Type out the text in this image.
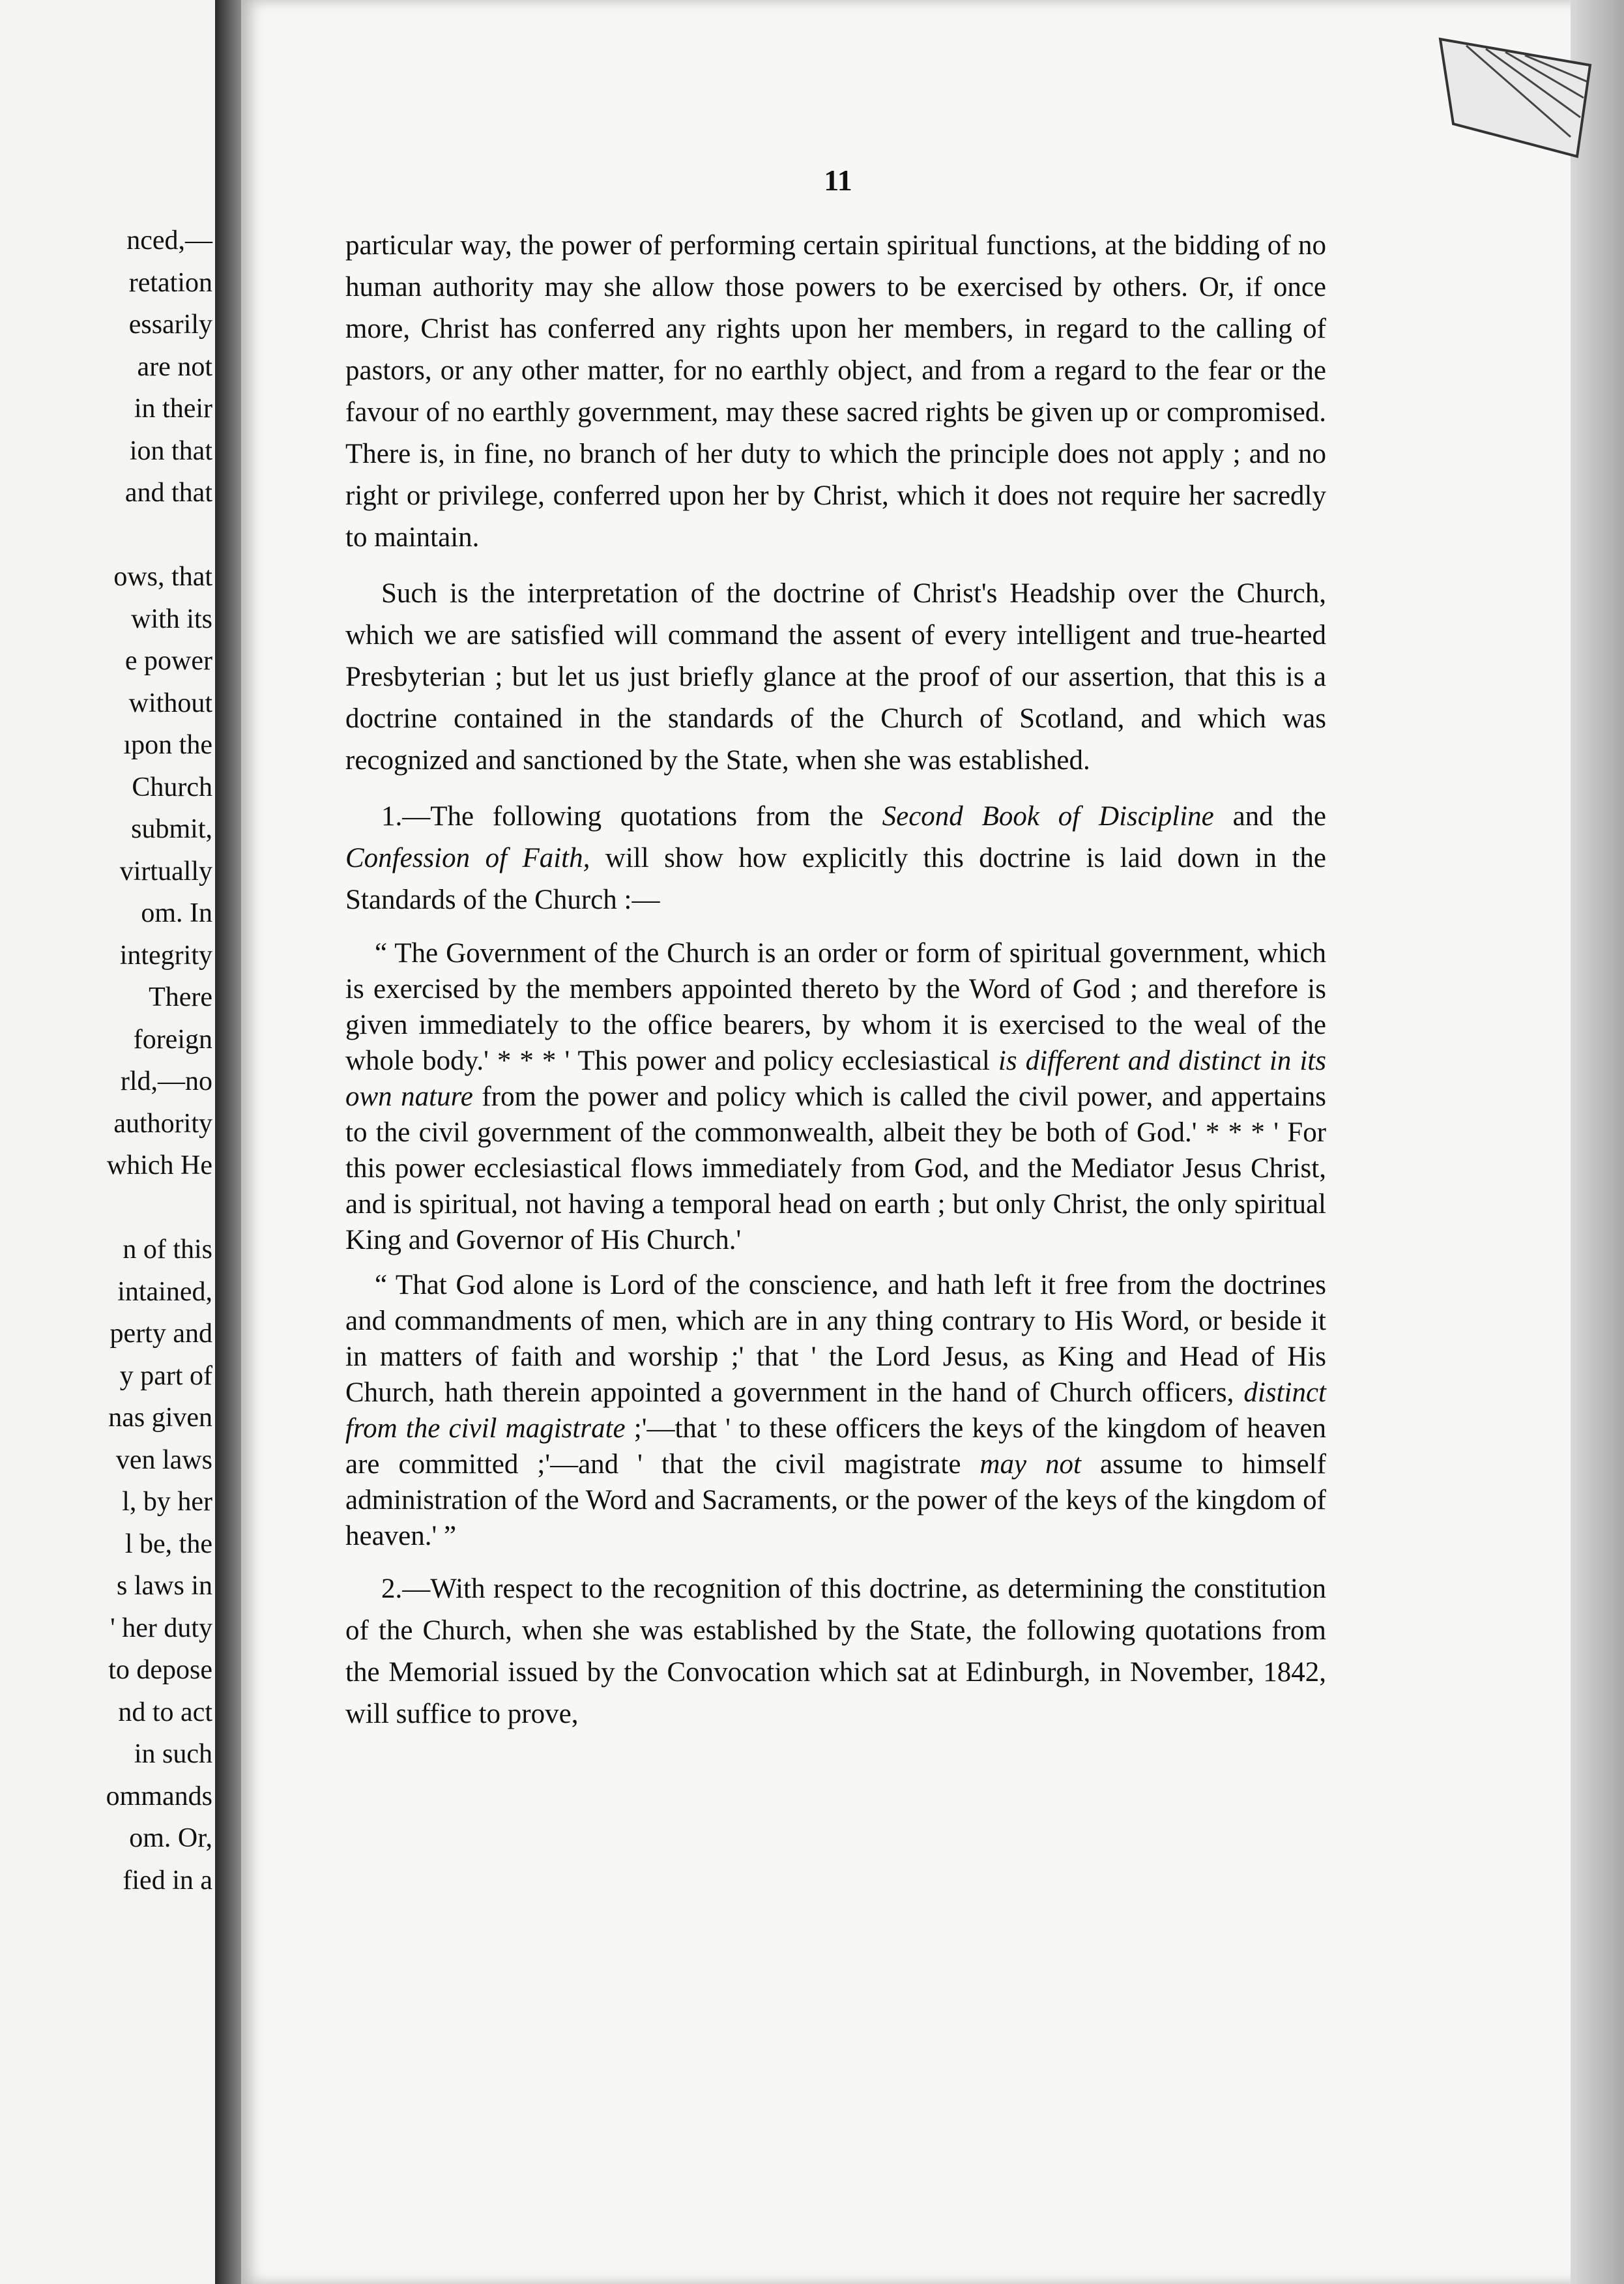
nced,—

retation

essarily

are not

in their

ion that

and that

ows, that

with its

e power

without

ıpon the

Church

submit,

virtually

om. In

integrity

There

foreign

rld,—no

authority

which He

n of this

intained,

perty and

y part of

nas given

ven laws

l, by her

l be, the

s laws in

' her duty

to depose

nd to act

in such

ommands

om. Or,

fied in a

11

particular way, the power of performing certain spiritual functions, at the bidding of no human authority may she allow those powers to be exercised by others. Or, if once more, Christ has conferred any rights upon her members, in regard to the calling of pastors, or any other matter, for no earthly object, and from a regard to the fear or the favour of no earthly government, may these sacred rights be given up or compromised. There is, in fine, no branch of her duty to which the principle does not apply ; and no right or privilege, conferred upon her by Christ, which it does not require her sacredly to maintain.

Such is the interpretation of the doctrine of Christ's Headship over the Church, which we are satisfied will command the assent of every intelligent and true-hearted Presbyterian ; but let us just briefly glance at the proof of our assertion, that this is a doctrine contained in the standards of the Church of Scotland, and which was recognized and sanctioned by the State, when she was established.

1.—The following quotations from the Second Book of Discipline and the Confession of Faith, will show how explicitly this doctrine is laid down in the Standards of the Church :—

“ The Government of the Church is an order or form of spiritual government, which is exercised by the members appointed thereto by the Word of God ; and therefore is given immediately to the office bearers, by whom it is exercised to the weal of the whole body.' * * * ' This power and policy ecclesiastical is different and distinct in its own nature from the power and policy which is called the civil power, and appertains to the civil government of the commonwealth, albeit they be both of God.' * * * ' For this power ecclesiastical flows immediately from God, and the Mediator Jesus Christ, and is spiritual, not having a temporal head on earth ; but only Christ, the only spiritual King and Governor of His Church.'

“ That God alone is Lord of the conscience, and hath left it free from the doctrines and commandments of men, which are in any thing contrary to His Word, or beside it in matters of faith and worship ;' that ' the Lord Jesus, as King and Head of His Church, hath therein appointed a government in the hand of Church officers, distinct from the civil magistrate ;'—that ' to these officers the keys of the kingdom of heaven are committed ;'—and ' that the civil magistrate may not assume to himself administration of the Word and Sacraments, or the power of the keys of the kingdom of heaven.' ”

2.—With respect to the recognition of this doctrine, as determining the constitution of the Church, when she was established by the State, the following quotations from the Memorial issued by the Convocation which sat at Edinburgh, in November, 1842, will suffice to prove,
